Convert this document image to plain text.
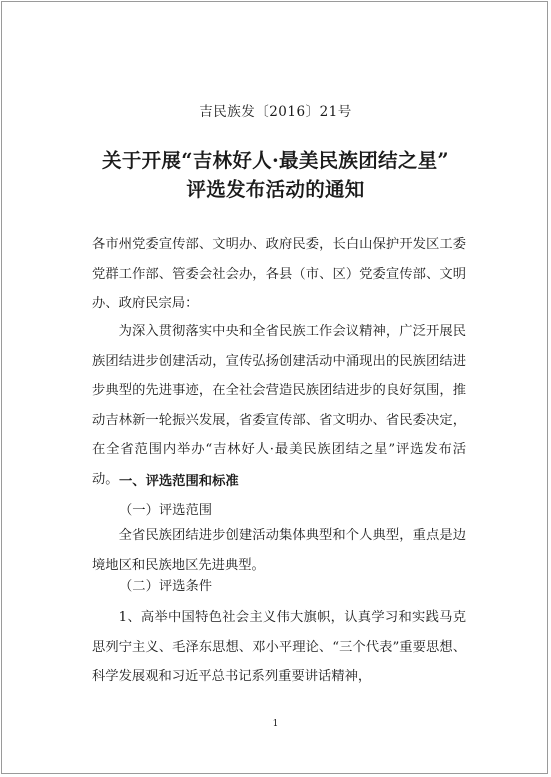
吉民族发〔2016〕21号
关于开展“吉林好人·最美民族团结之星”
评选发布活动的通知
各市州党委宣传部、文明办、政府民委，长白山保护开发区工委党群工作部、管委会社会办，各县（市、区）党委宣传部、文明办、政府民宗局：
为深入贯彻落实中央和全省民族工作会议精神，广泛开展民族团结进步创建活动，宣传弘扬创建活动中涌现出的民族团结进步典型的先进事迹，在全社会营造民族团结进步的良好氛围，推动吉林新一轮振兴发展，省委宣传部、省文明办、省民委决定，在全省范围内举办“吉林好人·最美民族团结之星”评选发布活动。 一、评选范围和标准
（一）评选范围
全省民族团结进步创建活动集体典型和个人典型，重点是边境地区和民族地区先进典型。
（二）评选条件
1、高举中国特色社会主义伟大旗帜，认真学习和实践马克思列宁主义、毛泽东思想、邓小平理论、“三个代表”重要思想、科学发展观和习近平总书记系列重要讲话精神，
1
